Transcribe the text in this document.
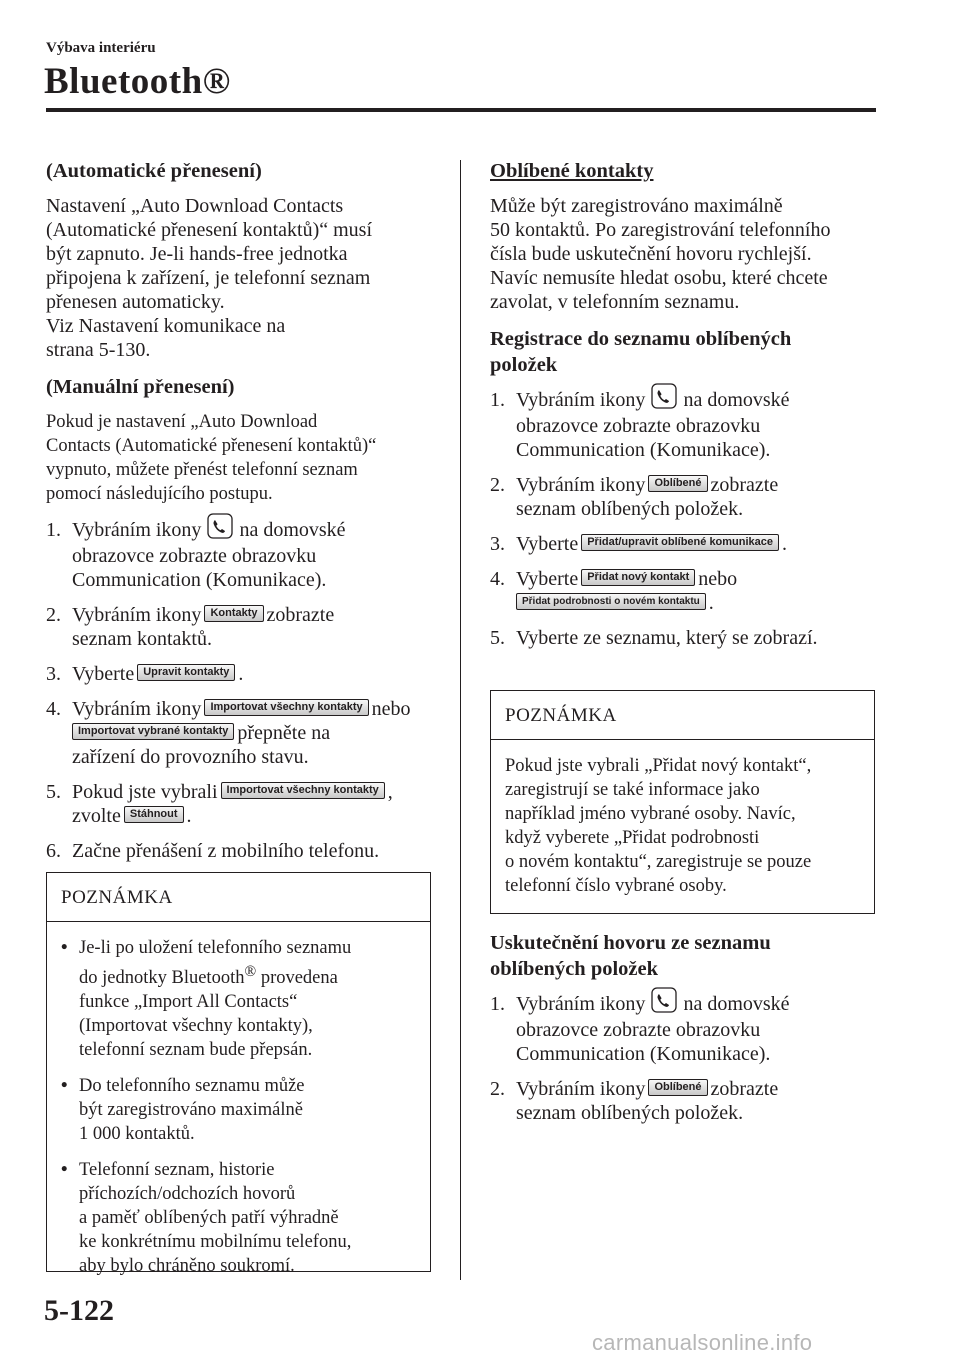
Výbava interiéru
Bluetooth®
(Automatické přenesení)
Nastavení „Auto Download Contacts
(Automatické přenesení kontaktů)“ musí
být zapnuto. Je-li hands-free jednotka
připojena k zařízení, je telefonní seznam
přenesen automaticky.
Viz Nastavení komunikace na
strana 5-130.
(Manuální přenesení)
Pokud je nastavení „Auto Download
Contacts (Automatické přenesení kontaktů)“
vypnuto, můžete přenést telefonní seznam
pomocí následujícího postupu.
1. Vybráním ikony na domovské
obrazovce zobrazte obrazovku
Communication (Komunikace).
2. Vybráním ikony Kontakty zobrazte
seznam kontaktů.
3. Vyberte Upravit kontakty .
4. Vybráním ikony Importovat všechny kontakty nebo
Importovat vybrané kontakty přepněte na
zařízení do provozního stavu.
5. Pokud jste vybrali Importovat všechny kontakty ,
zvolte Stáhnout .
6. Začne přenášení z mobilního telefonu.
POZNÁMKA
• Je-li po uložení telefonního seznamu
do jednotky Bluetooth® provedena
funkce „Import All Contacts“
(Importovat všechny kontakty),
telefonní seznam bude přepsán.
• Do telefonního seznamu může
být zaregistrováno maximálně
1 000 kontaktů.
• Telefonní seznam, historie
příchozích/odchozích hovorů
a paměť oblíbených patří výhradně
ke konkrétnímu mobilnímu telefonu,
aby bylo chráněno soukromí.
Oblíbené kontakty
Může být zaregistrováno maximálně
50 kontaktů. Po zaregistrování telefonního
čísla bude uskutečnění hovoru rychlejší.
Navíc nemusíte hledat osobu, které chcete
zavolat, v telefonním seznamu.
Registrace do seznamu oblíbených
položek
1. Vybráním ikony na domovské
obrazovce zobrazte obrazovku
Communication (Komunikace).
2. Vybráním ikony Oblíbené zobrazte
seznam oblíbených položek.
3. Vyberte Přidat/upravit oblíbené komunikace .
4. Vyberte Přidat nový kontakt nebo
Přidat podrobnosti o novém kontaktu .
5. Vyberte ze seznamu, který se zobrazí.
POZNÁMKA
Pokud jste vybrali „Přidat nový kontakt“,
zaregistrují se také informace jako
například jméno vybrané osoby. Navíc,
když vyberete „Přidat podrobnosti
o novém kontaktu“, zaregistruje se pouze
telefonní číslo vybrané osoby.
Uskutečnění hovoru ze seznamu
oblíbených položek
1. Vybráním ikony na domovské
obrazovce zobrazte obrazovku
Communication (Komunikace).
2. Vybráním ikony Oblíbené zobrazte
seznam oblíbených položek.
5-122
carmanualsonline.info
